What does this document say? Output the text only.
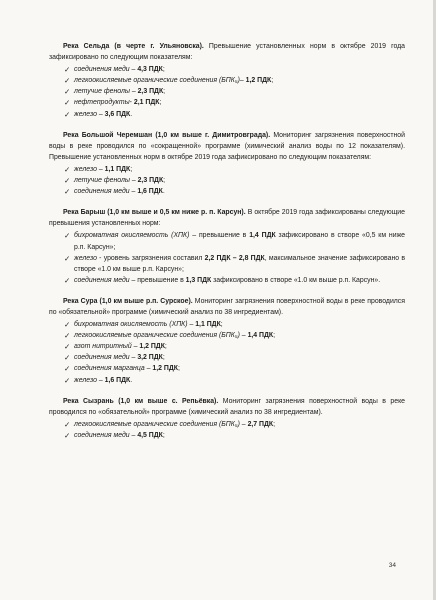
Река Сельда (в черте г. Ульяновска). Превышение установленных норм в октябре 2019 года зафиксировано по следующим показателям:
✓ соединения меди – 4,3 ПДК;
✓ легкоокисляемые органические соединения (БПК₅)– 1,2 ПДК;
✓ летучие фенолы – 2,3 ПДК;
✓ нефтепродукты- 2,1 ПДК;
✓ железо – 3,6 ПДК.
Река Большой Черемшан (1,0 км выше г. Димитровграда). Мониторинг загрязнения поверхностной воды в реке проводился по «сокращенной» программе (химический анализ воды по 12 показателям). Превышение установленных норм в октябре 2019 года зафиксировано по следующим показателям:
✓ железо – 1,1 ПДК;
✓ летучие фенолы – 2,3 ПДК;
✓ соединения меди – 1,6 ПДК.
Река Барыш (1,0 км выше и 0,5 км ниже р. п. Карсун). В октябре 2019 года зафиксированы следующие превышения установленных норм:
✓ бихроматная окисляемость (ХПК) – превышение в 1,4 ПДК зафиксировано в створе «0,5 км ниже р.п. Карсун»;
✓ железо - уровень загрязнения составил 2,2 ПДК – 2,8 ПДК, максимальное значение зафиксировано в створе «1.0 км выше р.п. Карсун»;
✓ соединения меди – превышение в 1,3 ПДК зафиксировано в створе «1.0 км выше р.п. Карсун».
Река Сура (1,0 км выше р.п. Сурское). Мониторинг загрязнения поверхностной воды в реке проводился по «обязательной» программе (химический анализ по 38 ингредиентам).
✓ бихроматная окисляемость (ХПК) – 1,1 ПДК;
✓ легкоокисляемые органические соединения (БПК₅) – 1,4 ПДК;
✓ азот нитритный – 1,2 ПДК;
✓ соединения меди – 3,2 ПДК;
✓ соединения марганца – 1,2 ПДК;
✓ железо – 1,6 ПДК.
Река Сызрань (1,0 км выше с. Репьёвка). Мониторинг загрязнения поверхностной воды в реке проводился по «обязательной» программе (химический анализ по 38 ингредиентам).
✓ легкоокисляемые органические соединения (БПК₅) – 2,7 ПДК;
✓ соединения меди – 4,5 ПДК;
34
